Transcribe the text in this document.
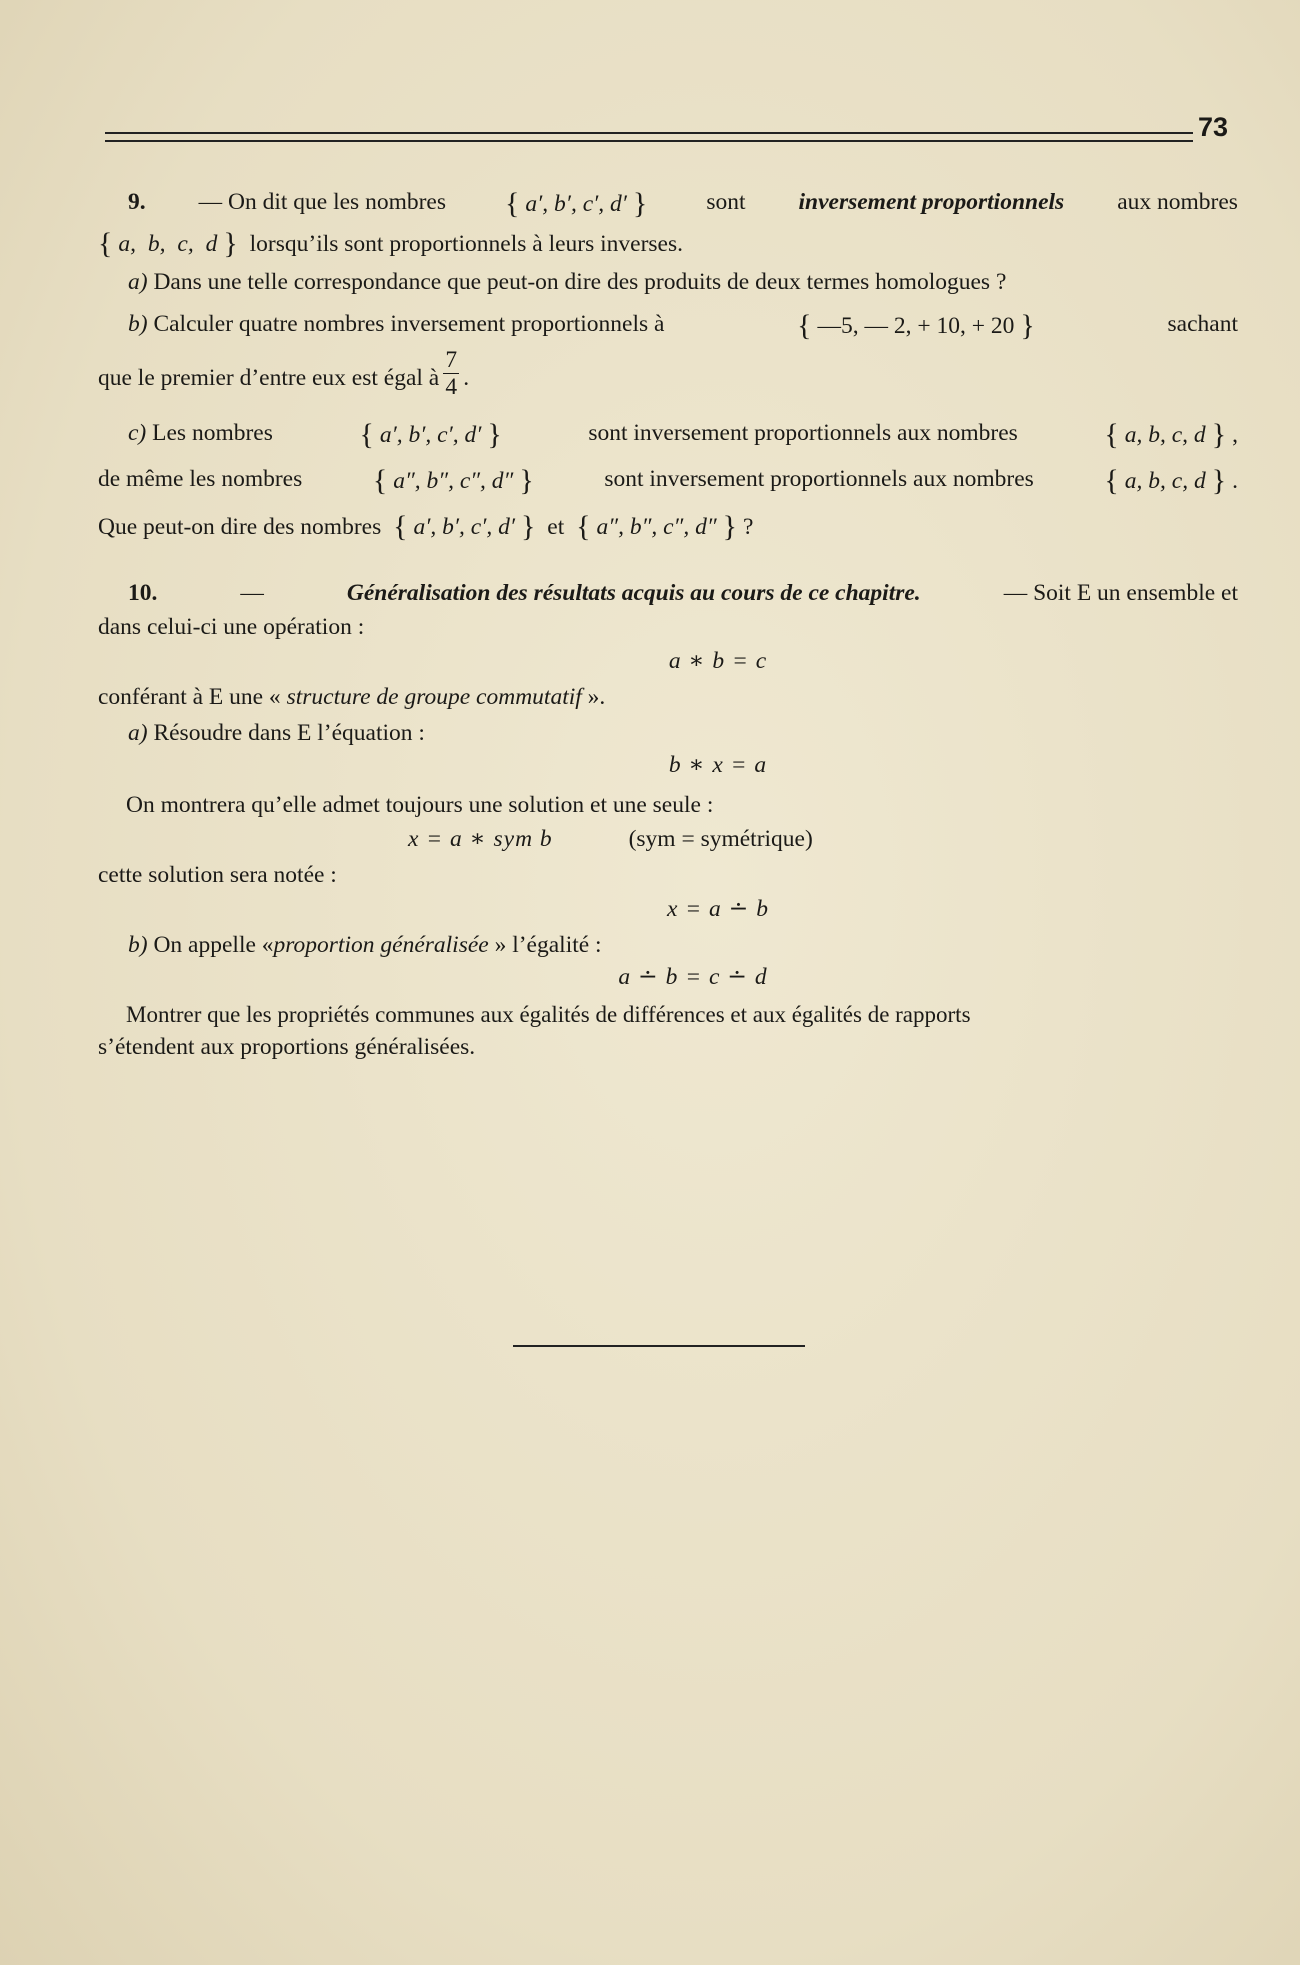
73
9. — On dit que les nombres { a′, b′, c′, d′ }	sont inversement proportionnels aux nombres
{ a, b, c, d } lorsqu’ils sont proportionnels à leurs inverses.
a) Dans une telle correspondance que peut-on dire des produits de deux termes homologues ?
b) Calculer quatre nombres inversement proportionnels à	{ —5, — 2, + 10, + 20 }	sachant
que le premier d’entre eux est égal à $\frac{7}{4}$ .
c) Les nombres	{ a′, b′, c′, d′ }	sont inversement proportionnels aux nombres	{ a, b, c, d } ,
de même les nombres { a″, b″, c″, d″ }	sont inversement proportionnels aux nombres { a, b, c, d } .
Que peut-on dire des nombres { a′, b′, c′, d′ } et { a″, b″, c″, d″ } ?
10.	—	Généralisation des résultats acquis au cours de ce chapitre.	— Soit E un ensemble et
dans celui-ci une opération :
a ∗ b = c
conférant à E une « structure de groupe commutatif ».
a) Résoudre dans E l’équation :
b ∗ x = a
On montrera qu’elle admet toujours une solution et une seule :
x = a ∗ sym b	(sym = symétrique)
cette solution sera notée :
x = a ∸ b
b) On appelle «proportion généralisée » l’égalité :
a ∸ b = c ∸ d
Montrer que les propriétés communes aux égalités de différences et aux égalités de rapports
s’étendent aux proportions généralisées.
